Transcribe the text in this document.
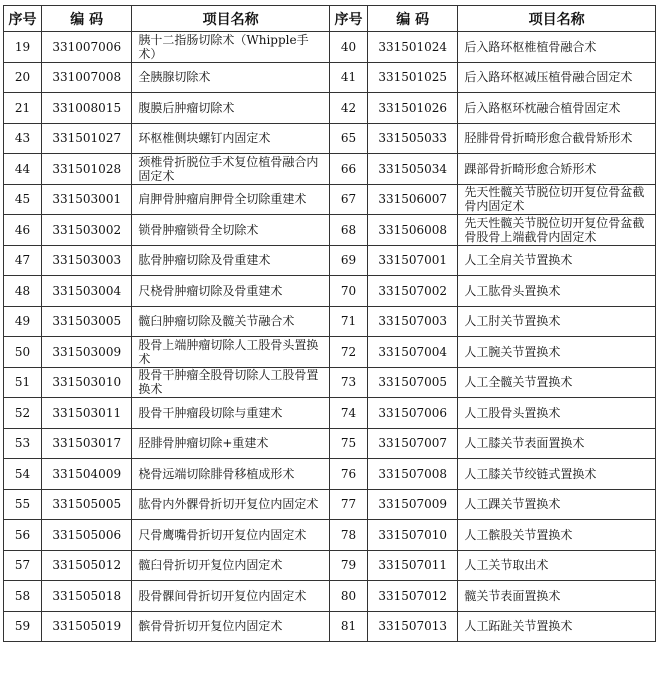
序号	编 码	项目名称	序号	编 码	项目名称
19	331007006	胰十二指肠切除术（Whipple手术）	40	331501024	后入路环枢椎植骨融合术
20	331007008	全胰腺切除术	41	331501025	后入路环枢减压植骨融合固定术
21	331008015	腹膜后肿瘤切除术	42	331501026	后入路枢环枕融合植骨固定术
43	331501027	环枢椎侧块螺钉内固定术	65	331505033	胫腓骨骨折畸形愈合截骨矫形术
44	331501028	颈椎骨折脱位手术复位植骨融合内固定术	66	331505034	踝部骨折畸形愈合矫形术
45	331503001	肩胛骨肿瘤肩胛骨全切除重建术	67	331506007	先天性髋关节脱位切开复位骨盆截骨内固定术
46	331503002	锁骨肿瘤锁骨全切除术	68	331506008	先天性髋关节脱位切开复位骨盆截骨股骨上端截骨内固定术
47	331503003	肱骨肿瘤切除及骨重建术	69	331507001	人工全肩关节置换术
48	331503004	尺桡骨肿瘤切除及骨重建术	70	331507002	人工肱骨头置换术
49	331503005	髋臼肿瘤切除及髋关节融合术	71	331507003	人工肘关节置换术
50	331503009	股骨上端肿瘤切除人工股骨头置换术	72	331507004	人工腕关节置换术
51	331503010	股骨干肿瘤全股骨切除人工股骨置换术	73	331507005	人工全髋关节置换术
52	331503011	股骨干肿瘤段切除与重建术	74	331507006	人工股骨头置换术
53	331503017	胫腓骨肿瘤切除+重建术	75	331507007	人工膝关节表面置换术
54	331504009	桡骨远端切除腓骨移植成形术	76	331507008	人工膝关节绞链式置换术
55	331505005	肱骨内外髁骨折切开复位内固定术	77	331507009	人工踝关节置换术
56	331505006	尺骨鹰嘴骨折切开复位内固定术	78	331507010	人工髌股关节置换术
57	331505012	髋臼骨折切开复位内固定术	79	331507011	人工关节取出术
58	331505018	股骨髁间骨折切开复位内固定术	80	331507012	髋关节表面置换术
59	331505019	髌骨骨折切开复位内固定术	81	331507013	人工跖趾关节置换术
